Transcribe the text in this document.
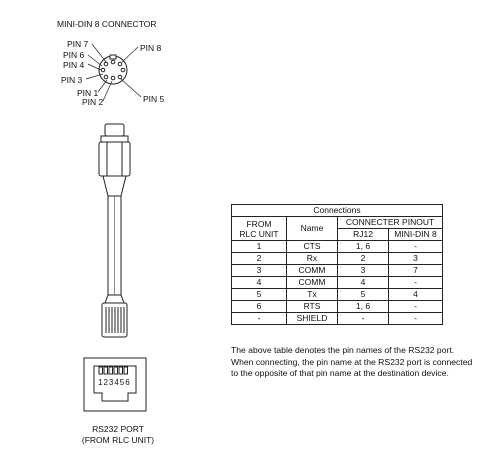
MINI-DIN 8 CONNECTOR
PIN 7	PIN 8
PIN 6
PIN 4
PIN 3
PIN 1
PIN 2	PIN 5
123456
RS232 PORT
(FROM RLC UNIT)
Connections			

FROM
RLC UNIT	Name	CONNECTER PINOUT	
		RJ12	MINI-DIN 8
1	CTS	1, 6	-
2	Rx	2	3
3	COMM	3	7
4	COMM	4	-
5	Tx	5	4
6	RTS	1, 6	-
-	SHIELD	-	-
The above table denotes the pin names of the RS232 port.
When connecting, the pin name at the RS232 port is connected
to the opposite of that pin name at the destination device.
